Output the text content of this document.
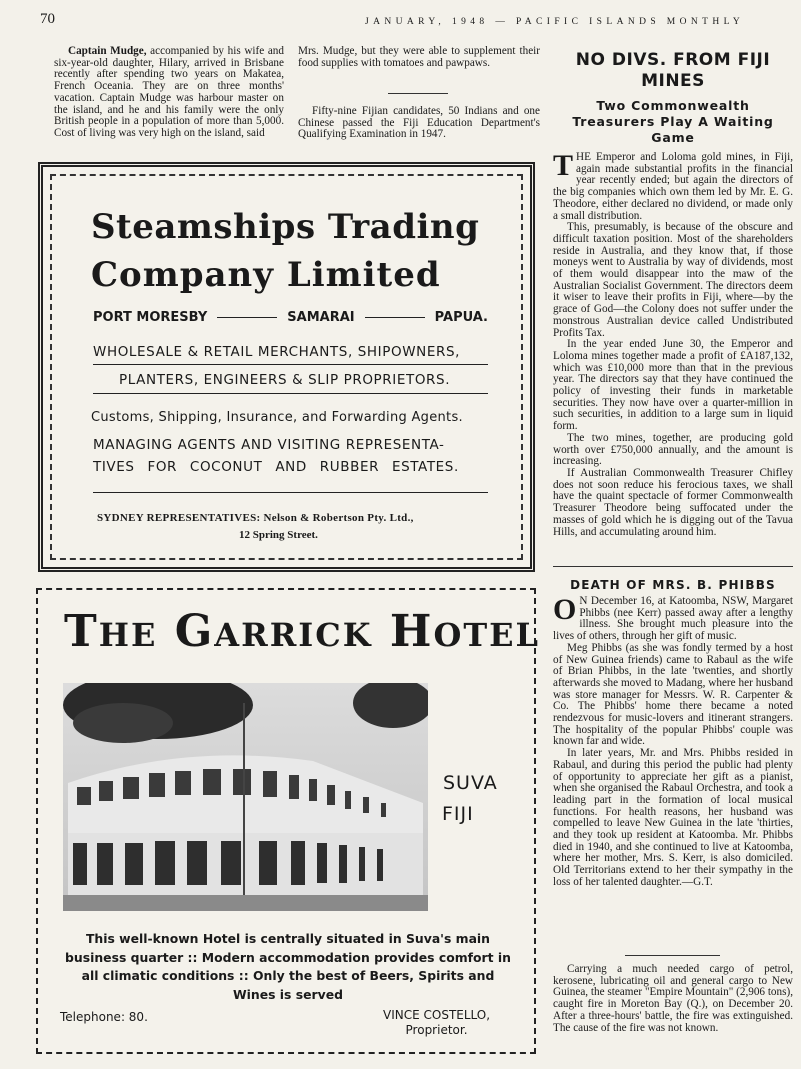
70	JANUARY, 1948 — PACIFIC ISLANDS MONTHLY

Captain Mudge, accompanied by his wife and six-year-old daughter, Hilary, arrived in Brisbane recently after spending two years on Makatea, French Oceania. They are on three months' vacation. Captain Mudge was harbour master on the island, and he and his family were the only British people in a population of more than 5,000. Cost of living was very high on the island, said

Mrs. Mudge, but they were able to supplement their food supplies with tomatoes and pawpaws.

Fifty-nine Fijian candidates, 50 Indians and one Chinese passed the Fiji Education Department's Qualifying Examination in 1947.

NO DIVS. FROM FIJI MINES
Two Commonwealth Treasurers Play A Waiting Game

THE Emperor and Loloma gold mines, in Fiji, again made substantial profits in the financial year recently ended; but again the directors of the big companies which own them led by Mr. E. G. Theodore, either declared no dividend, or made only a small distribution.

This, presumably, is because of the obscure and difficult taxation position. Most of the shareholders reside in Australia, and they know that, if those moneys went to Australia by way of dividends, most of them would disappear into the maw of the Australian Socialist Government. The directors deem it wiser to leave their profits in Fiji, where—by the grace of God—the Colony does not suffer under the monstrous Australian device called Undistributed Profits Tax.

In the year ended June 30, the Emperor and Loloma mines together made a profit of £A187,132, which was £10,000 more than that in the previous year. The directors say that they have continued the policy of investing their funds in marketable securities. They now have over a quarter-million in such securities, in addition to a large sum in liquid form.

The two mines, together, are producing gold worth over £750,000 annually, and the amount is increasing.

If Australian Commonwealth Treasurer Chifley does not soon reduce his ferocious taxes, we shall have the quaint spectacle of former Commonwealth Treasurer Theodore being suffocated under the masses of gold which he is digging out of the Tavua Hills, and accumulating around him.

DEATH OF MRS. B. PHIBBS

O N December 16, at Katoomba, NSW, Margaret Phibbs (nee Kerr) passed away after a lengthy illness. She brought much pleasure into the lives of others, through her gift of music.

Meg Phibbs (as she was fondly termed by a host of New Guinea friends) came to Rabaul as the wife of Brian Phibbs, in the late 'twenties, and shortly afterwards she moved to Madang, where her husband was store manager for Messrs. W. R. Carpenter & Co. The Phibbs' home there became a noted rendezvous for music-lovers and itinerant strangers. The hospitality of the popular Phibbs' couple was known far and wide.

In later years, Mr. and Mrs. Phibbs resided in Rabaul, and during this period the public had plenty of opportunity to appreciate her gift as a pianist, when she organised the Rabaul Orchestra, and took a leading part in the formation of local musical functions. For health reasons, her husband was compelled to leave New Guinea in the late 'thirties, and they took up resident at Katoomba. Mr. Phibbs died in 1940, and she continued to live at Katoomba, where her mother, Mrs. S. Kerr, is also domiciled. Old Territorians extend to her their sympathy in the loss of her talented daughter.—G.T.

Carrying a much needed cargo of petrol, kerosene, lubricating oil and general cargo to New Guinea, the steamer "Empire Mountain" (2,906 tons), caught fire in Moreton Bay (Q.), on December 20. After a three-hours' battle, the fire was extinguished. The cause of the fire was not known.

Steamships Trading
Company Limited
PORT MORESBY	SAMARAI	PAPUA.
WHOLESALE & RETAIL MERCHANTS, SHIPOWNERS,
PLANTERS, ENGINEERS & SLIP PROPRIETORS.
Customs, Shipping, Insurance, and Forwarding Agents.
MANAGING AGENTS AND VISITING REPRESENTA-
TIVES FOR COCONUT AND RUBBER ESTATES.
SYDNEY REPRESENTATIVES: Nelson & Robertson Pty. Ltd.,
12 Spring Street.
THE GARRICK HOTEL
SUVA
FIJI
This well-known Hotel is centrally situated in Suva's main business quarter :: Modern accommodation provides comfort in all climatic conditions :: Only the best of Beers, Spirits and Wines is served
Telephone: 80.	VINCE COSTELLO,
Proprietor.
